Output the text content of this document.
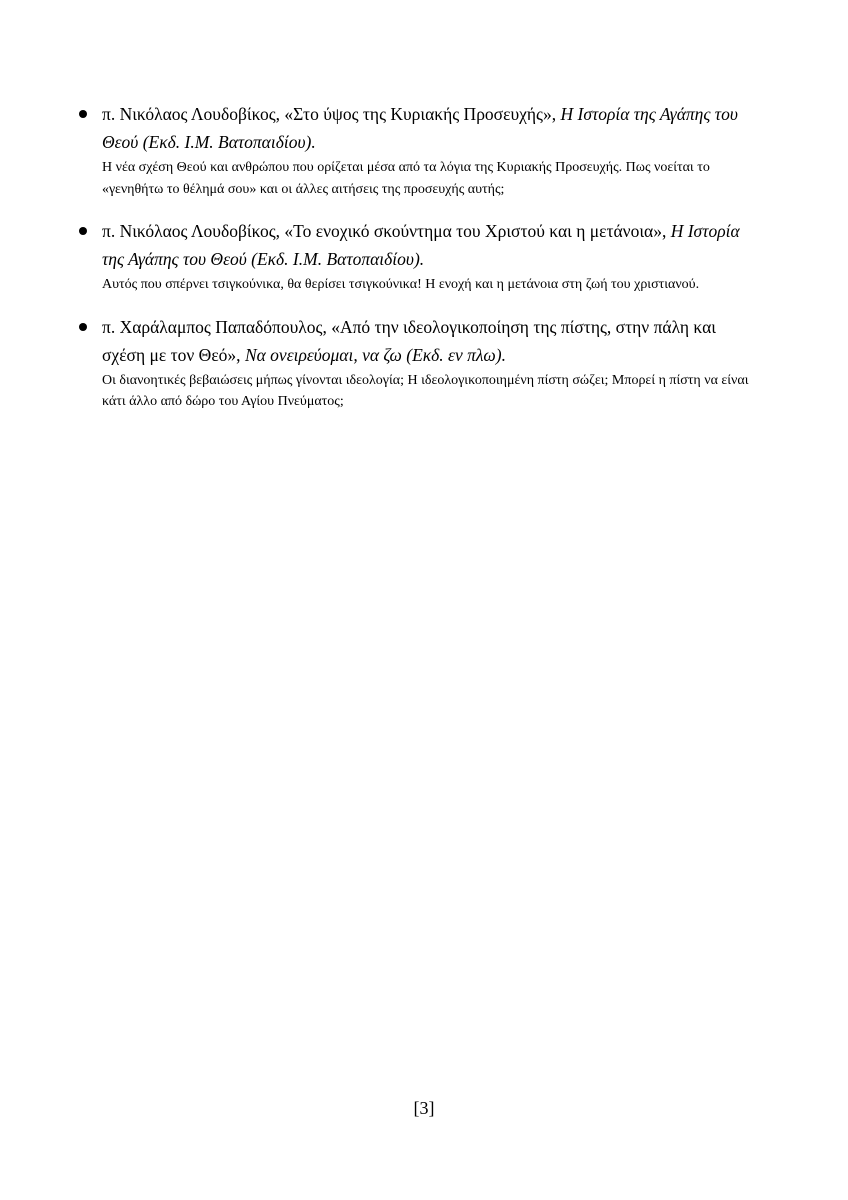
π. Νικόλαος Λουδοβίκος, «Στο ύψος της Κυριακής Προσευχής», Η Ιστορία της Αγάπης του Θεού (Εκδ. Ι.Μ. Βατοπαιδίου).

Η νέα σχέση Θεού και ανθρώπου που ορίζεται μέσα από τα λόγια της Κυριακής Προσευχής. Πως νοείται το «γενηθήτω το θέλημά σου» και οι άλλες αιτήσεις της προσευχής αυτής;

π. Νικόλαος Λουδοβίκος, «Το ενοχικό σκούντημα του Χριστού και η μετάνοια», Η Ιστορία της Αγάπης του Θεού (Εκδ. Ι.Μ. Βατοπαιδίου).

Αυτός που σπέρνει τσιγκούνικα, θα θερίσει τσιγκούνικα! Η ενοχή και η μετάνοια στη ζωή του χριστιανού.

π. Χαράλαμπος Παπαδόπουλος, «Από την ιδεολογικοποίηση της πίστης, στην πάλη και σχέση με τον Θεό», Να ονειρεύομαι, να ζω (Εκδ. εν πλω).

Οι διανοητικές βεβαιώσεις μήπως γίνονται ιδεολογία; Η ιδεολογικοποιημένη πίστη σώζει; Μπορεί η πίστη να είναι κάτι άλλο από δώρο του Αγίου Πνεύματος;

[3]
